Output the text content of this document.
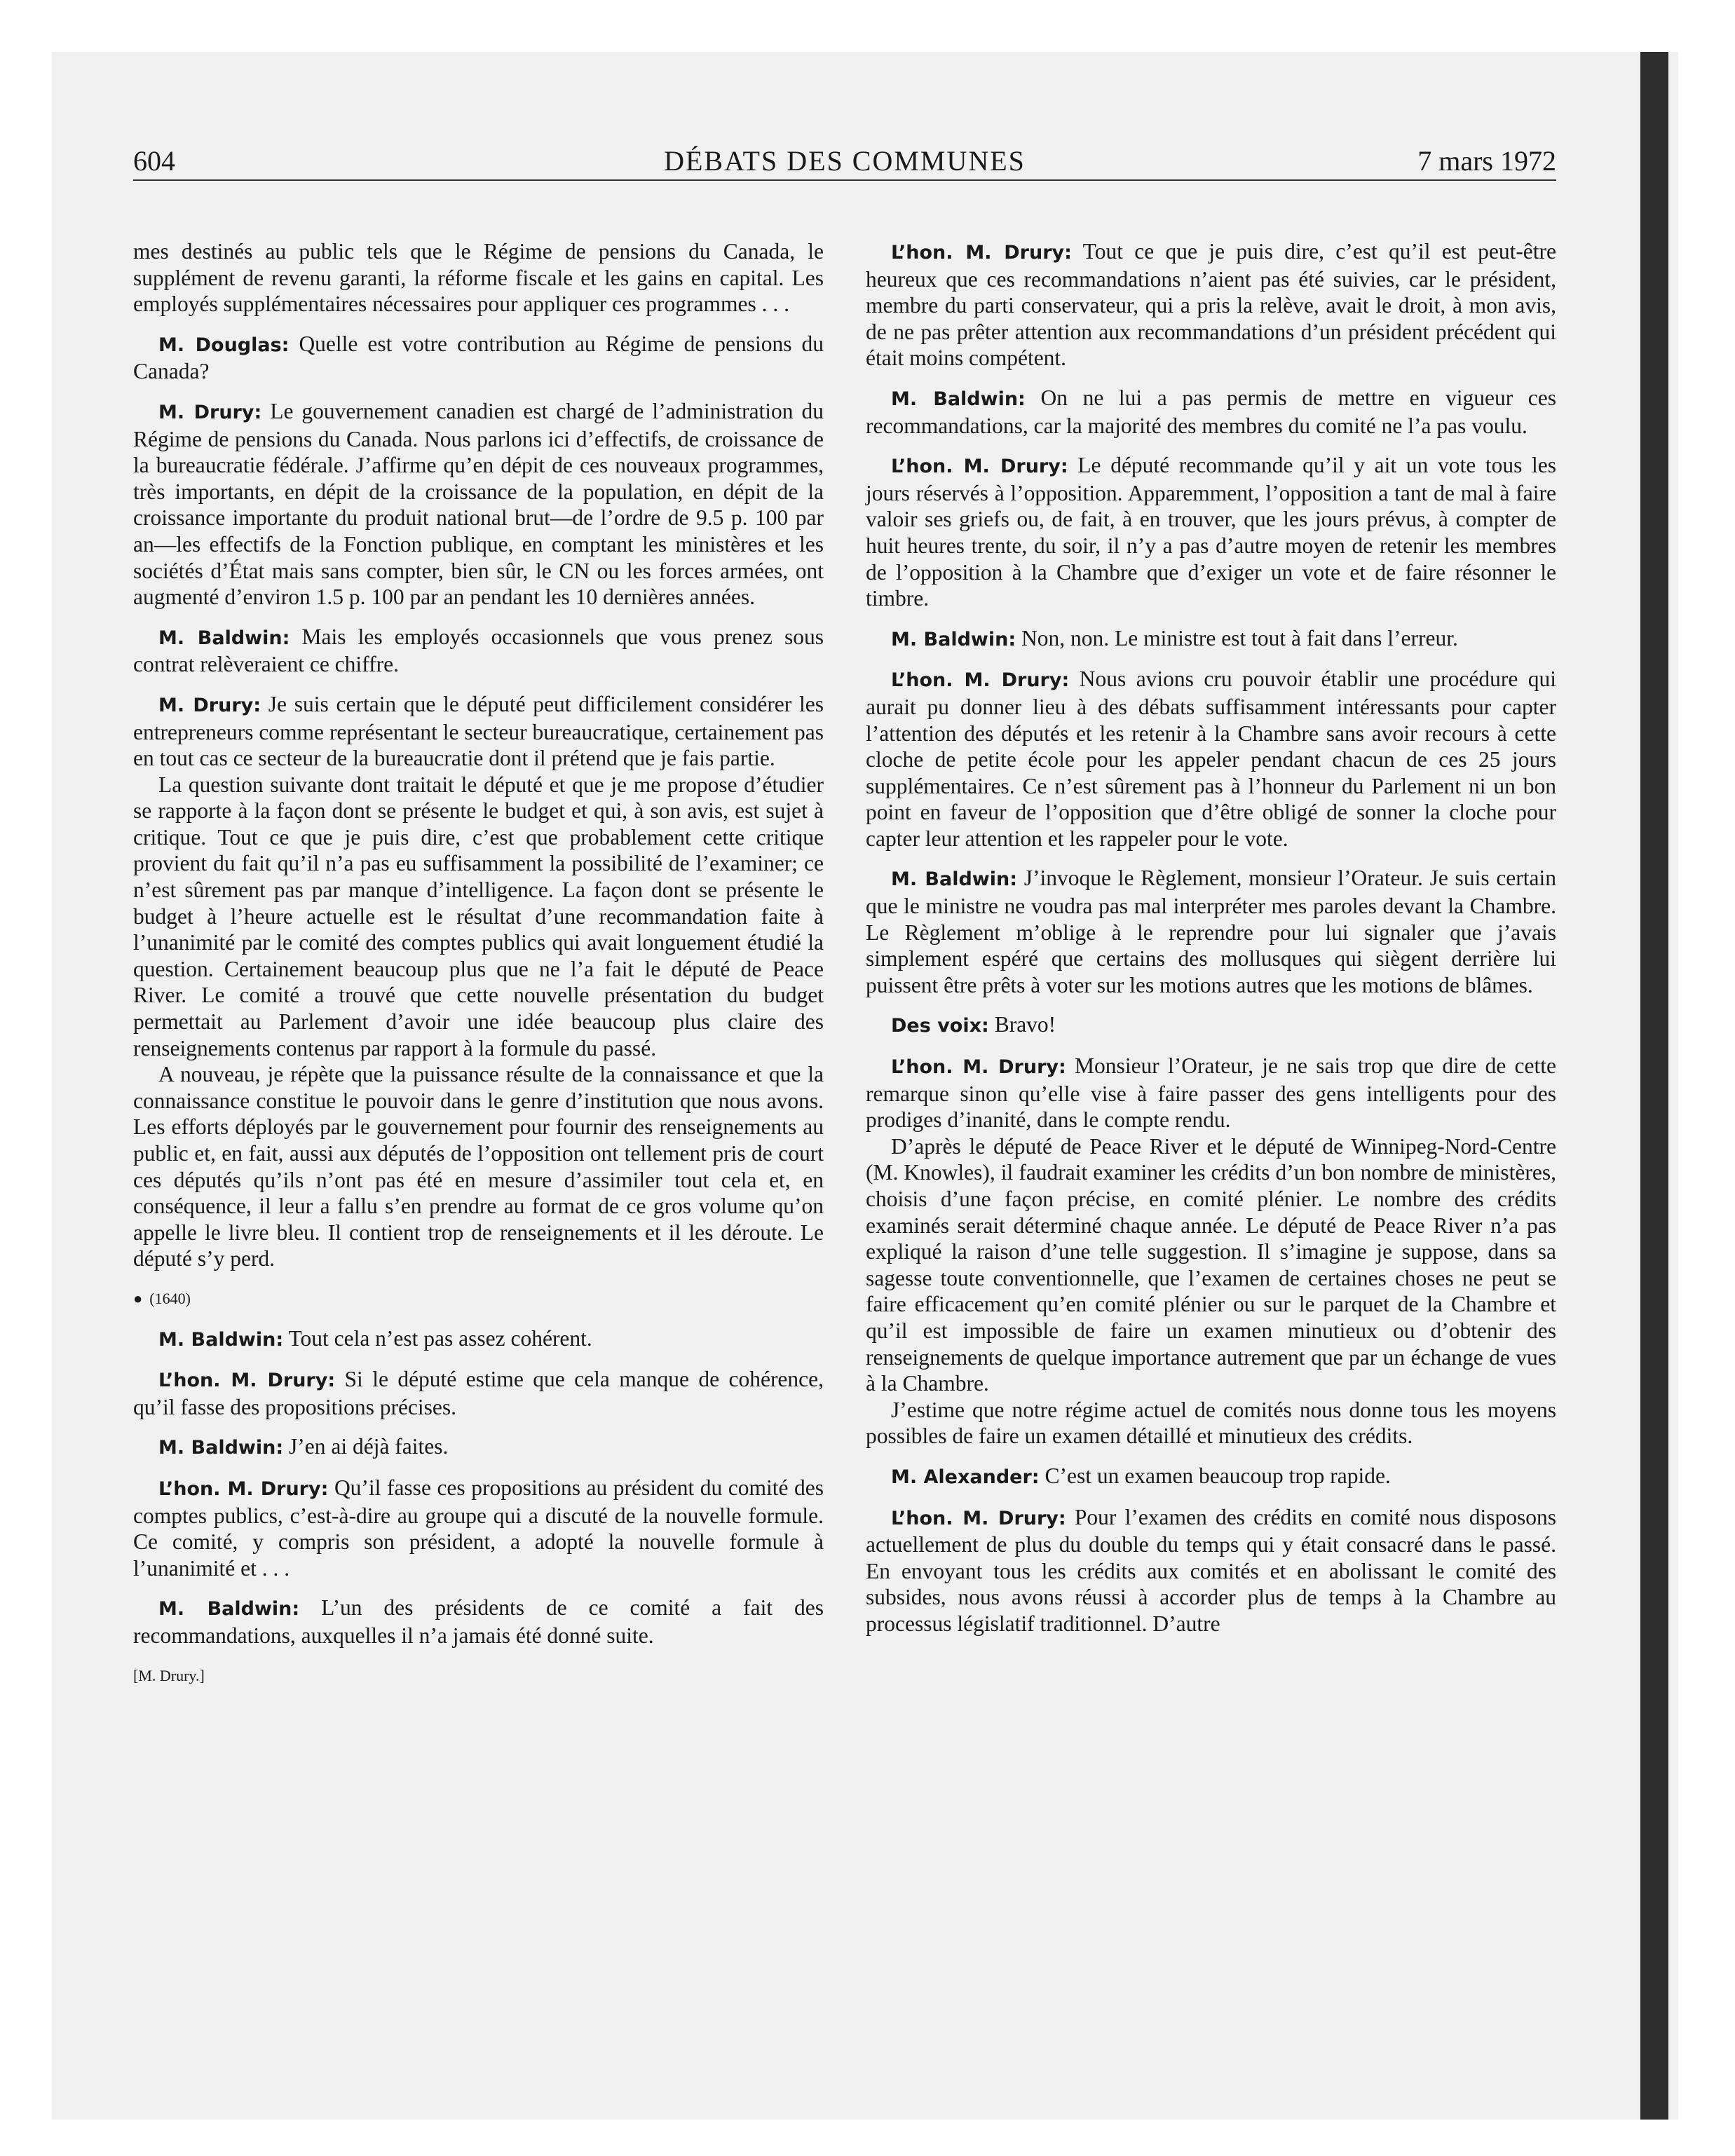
604	DÉBATS DES COMMUNES	7 mars 1972

mes destinés au public tels que le Régime de pensions du Canada, le supplément de revenu garanti, la réforme fiscale et les gains en capital. Les employés supplémentaires nécessaires pour appliquer ces programmes . . .

M. Douglas: Quelle est votre contribution au Régime de pensions du Canada?

M. Drury: Le gouvernement canadien est chargé de l’administration du Régime de pensions du Canada. Nous parlons ici d’effectifs, de croissance de la bureaucratie fédérale. J’affirme qu’en dépit de ces nouveaux programmes, très importants, en dépit de la croissance de la population, en dépit de la croissance importante du produit national brut—de l’ordre de 9.5 p. 100 par an—les effectifs de la Fonction publique, en comptant les ministères et les sociétés d’État mais sans compter, bien sûr, le CN ou les forces armées, ont augmenté d’environ 1.5 p. 100 par an pendant les 10 dernières années.

M. Baldwin: Mais les employés occasionnels que vous prenez sous contrat relèveraient ce chiffre.

M. Drury: Je suis certain que le député peut difficilement considérer les entrepreneurs comme représentant le secteur bureaucratique, certainement pas en tout cas ce secteur de la bureaucratie dont il prétend que je fais partie.

La question suivante dont traitait le député et que je me propose d’étudier se rapporte à la façon dont se présente le budget et qui, à son avis, est sujet à critique. Tout ce que je puis dire, c’est que probablement cette critique provient du fait qu’il n’a pas eu suffisamment la possibilité de l’examiner; ce n’est sûrement pas par manque d’intelligence. La façon dont se présente le budget à l’heure actuelle est le résultat d’une recommandation faite à l’unanimité par le comité des comptes publics qui avait longuement étudié la question. Certainement beaucoup plus que ne l’a fait le député de Peace River. Le comité a trouvé que cette nouvelle présentation du budget permettait au Parlement d’avoir une idée beaucoup plus claire des renseignements contenus par rapport à la formule du passé.

A nouveau, je répète que la puissance résulte de la connaissance et que la connaissance constitue le pouvoir dans le genre d’institution que nous avons. Les efforts déployés par le gouvernement pour fournir des renseignements au public et, en fait, aussi aux députés de l’opposition ont tellement pris de court ces députés qu’ils n’ont pas été en mesure d’assimiler tout cela et, en conséquence, il leur a fallu s’en prendre au format de ce gros volume qu’on appelle le livre bleu. Il contient trop de renseignements et il les déroute. Le député s’y perd.

● (1640)

M. Baldwin: Tout cela n’est pas assez cohérent.

L’hon. M. Drury: Si le député estime que cela manque de cohérence, qu’il fasse des propositions précises.

M. Baldwin: J’en ai déjà faites.

L’hon. M. Drury: Qu’il fasse ces propositions au président du comité des comptes publics, c’est-à-dire au groupe qui a discuté de la nouvelle formule. Ce comité, y compris son président, a adopté la nouvelle formule à l’unanimité et . . .

M. Baldwin: L’un des présidents de ce comité a fait des recommandations, auxquelles il n’a jamais été donné suite.

[M. Drury.]

L’hon. M. Drury: Tout ce que je puis dire, c’est qu’il est peut-être heureux que ces recommandations n’aient pas été suivies, car le président, membre du parti conservateur, qui a pris la relève, avait le droit, à mon avis, de ne pas prêter attention aux recommandations d’un président précédent qui était moins compétent.

M. Baldwin: On ne lui a pas permis de mettre en vigueur ces recommandations, car la majorité des membres du comité ne l’a pas voulu.

L’hon. M. Drury: Le député recommande qu’il y ait un vote tous les jours réservés à l’opposition. Apparemment, l’opposition a tant de mal à faire valoir ses griefs ou, de fait, à en trouver, que les jours prévus, à compter de huit heures trente, du soir, il n’y a pas d’autre moyen de retenir les membres de l’opposition à la Chambre que d’exiger un vote et de faire résonner le timbre.

M. Baldwin: Non, non. Le ministre est tout à fait dans l’erreur.

L’hon. M. Drury: Nous avions cru pouvoir établir une procédure qui aurait pu donner lieu à des débats suffisamment intéressants pour capter l’attention des députés et les retenir à la Chambre sans avoir recours à cette cloche de petite école pour les appeler pendant chacun de ces 25 jours supplémentaires. Ce n’est sûrement pas à l’honneur du Parlement ni un bon point en faveur de l’opposition que d’être obligé de sonner la cloche pour capter leur attention et les rappeler pour le vote.

M. Baldwin: J’invoque le Règlement, monsieur l’Orateur. Je suis certain que le ministre ne voudra pas mal interpréter mes paroles devant la Chambre. Le Règlement m’oblige à le reprendre pour lui signaler que j’avais simplement espéré que certains des mollusques qui siègent derrière lui puissent être prêts à voter sur les motions autres que les motions de blâmes.

Des voix: Bravo!

L’hon. M. Drury: Monsieur l’Orateur, je ne sais trop que dire de cette remarque sinon qu’elle vise à faire passer des gens intelligents pour des prodiges d’inanité, dans le compte rendu.

D’après le député de Peace River et le député de Winnipeg-Nord-Centre (M. Knowles), il faudrait examiner les crédits d’un bon nombre de ministères, choisis d’une façon précise, en comité plénier. Le nombre des crédits examinés serait déterminé chaque année. Le député de Peace River n’a pas expliqué la raison d’une telle suggestion. Il s’imagine je suppose, dans sa sagesse toute conventionnelle, que l’examen de certaines choses ne peut se faire efficacement qu’en comité plénier ou sur le parquet de la Chambre et qu’il est impossible de faire un examen minutieux ou d’obtenir des renseignements de quelque importance autrement que par un échange de vues à la Chambre.

J’estime que notre régime actuel de comités nous donne tous les moyens possibles de faire un examen détaillé et minutieux des crédits.

M. Alexander: C’est un examen beaucoup trop rapide.

L’hon. M. Drury: Pour l’examen des crédits en comité nous disposons actuellement de plus du double du temps qui y était consacré dans le passé. En envoyant tous les crédits aux comités et en abolissant le comité des subsides, nous avons réussi à accorder plus de temps à la Chambre au processus législatif traditionnel. D’autre
